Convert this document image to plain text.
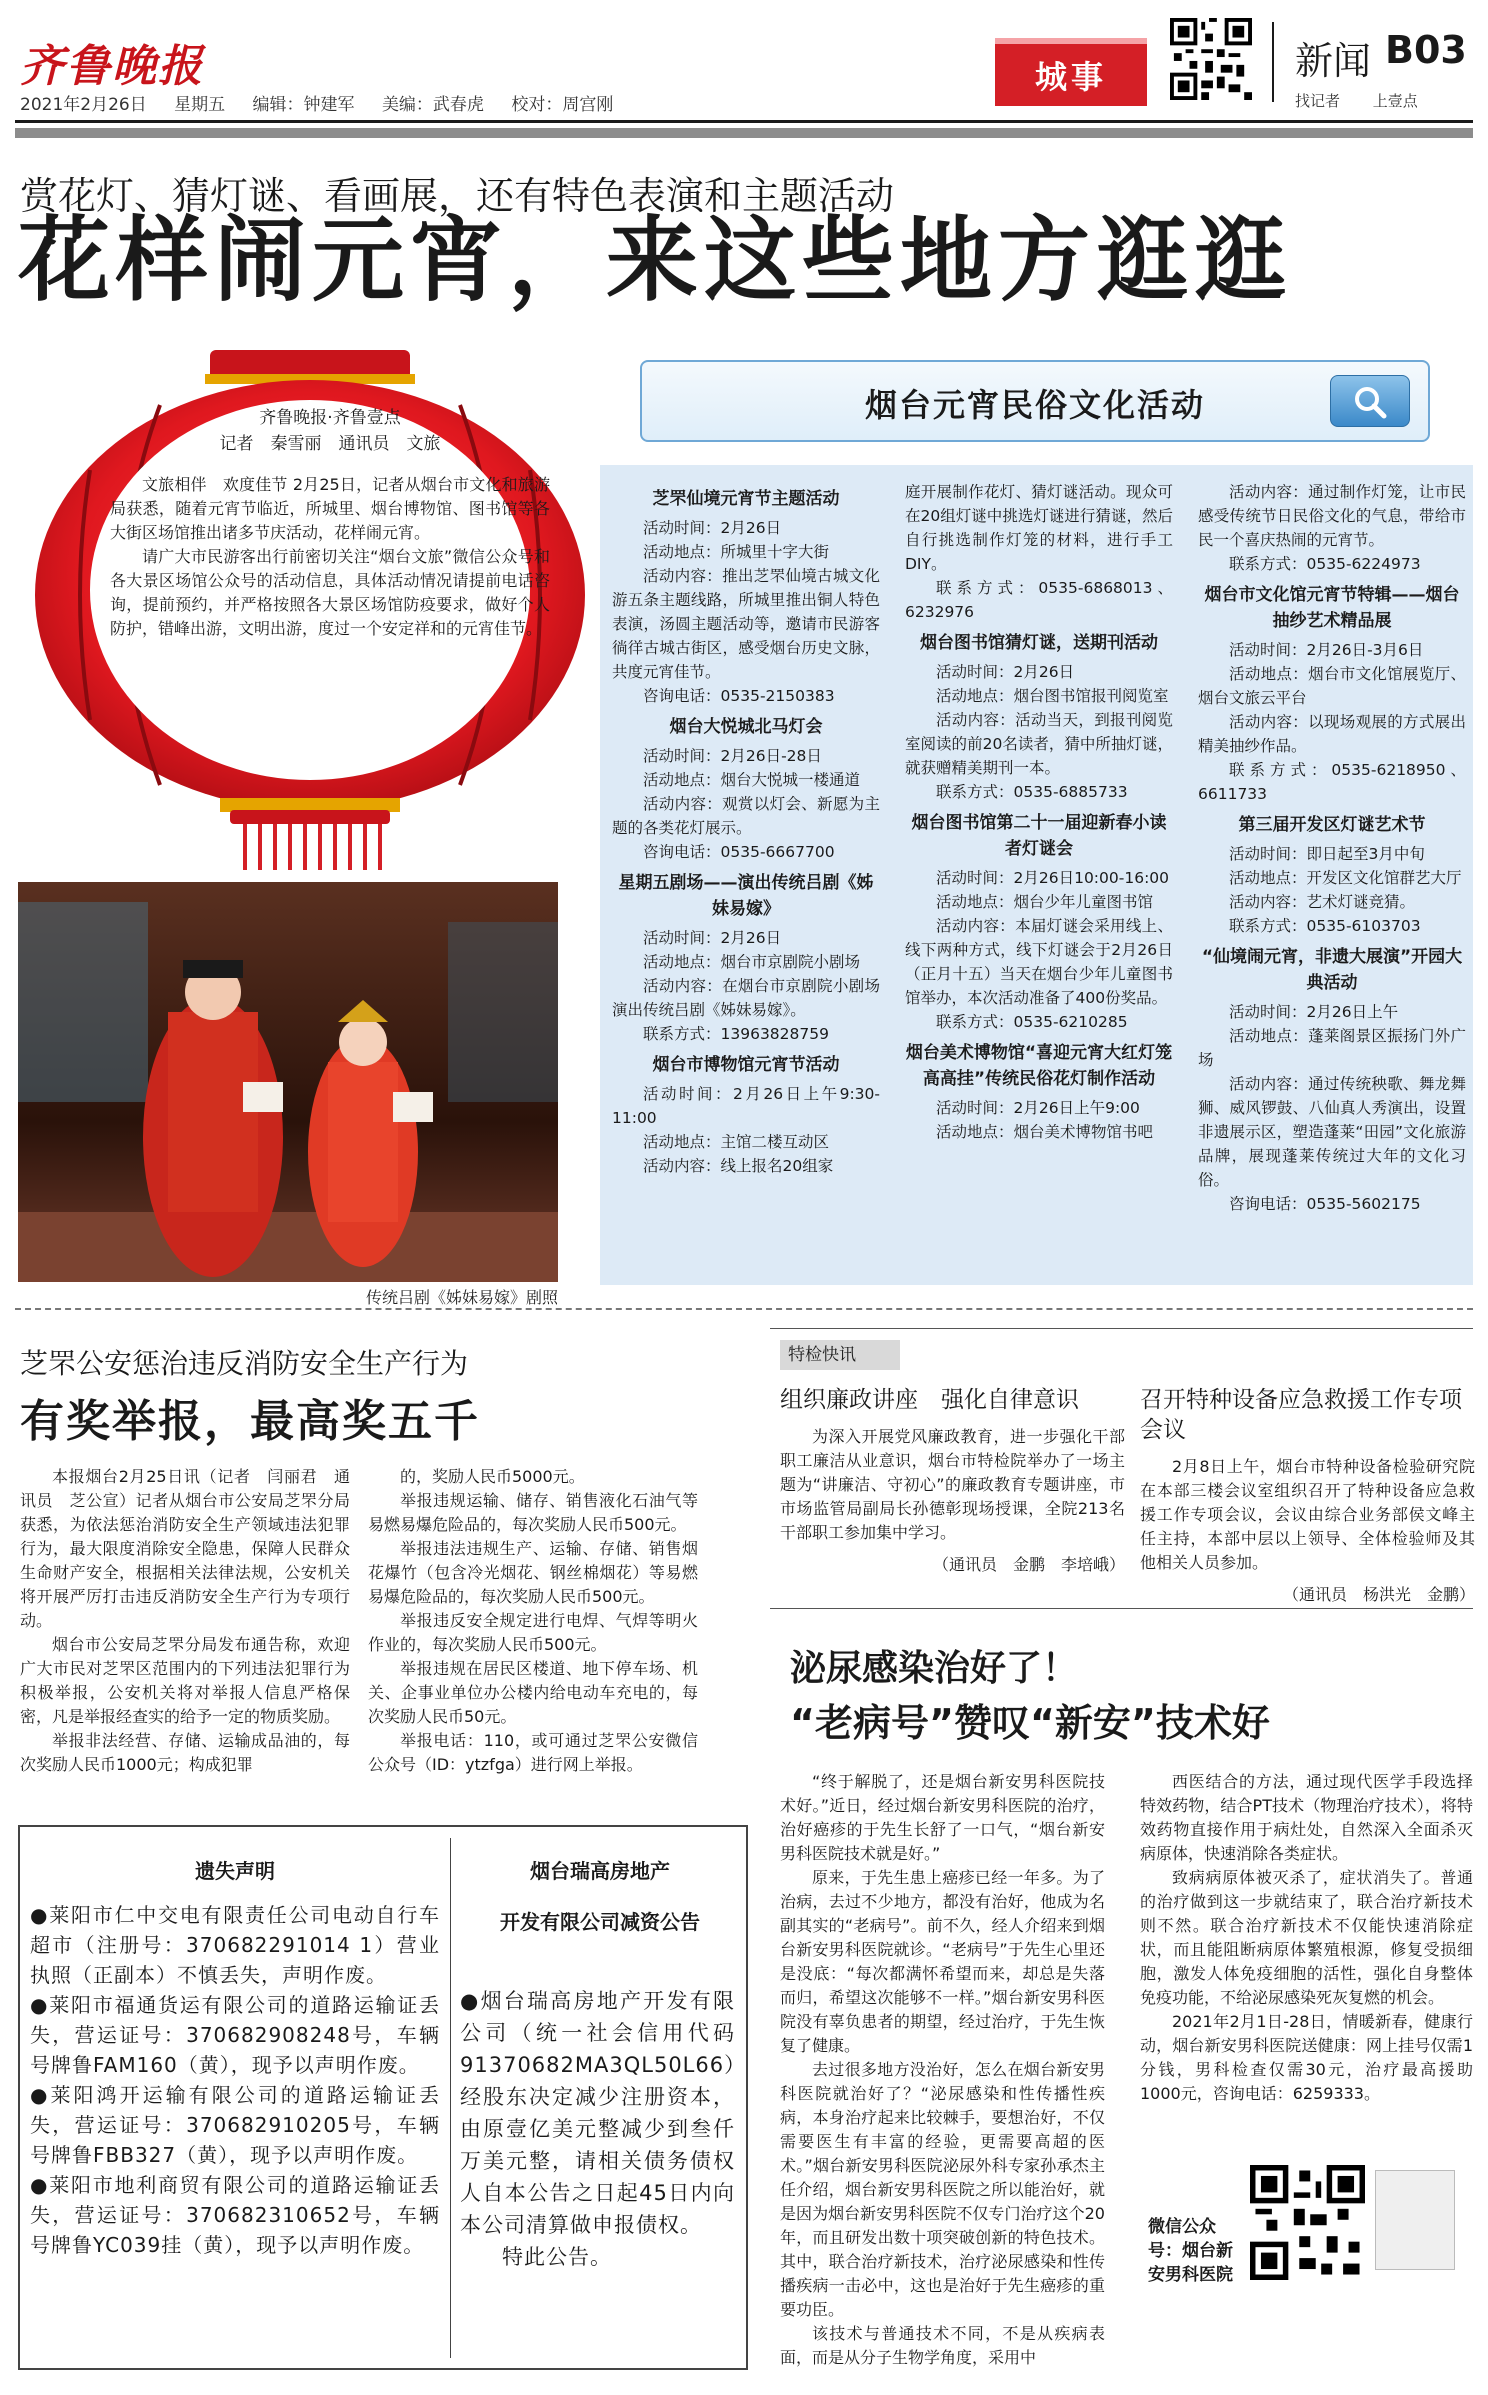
齐鲁晚报
2021年2月26日 星期五 编辑：钟建军 美编：武春虎 校对：周宫刚
城事	新闻 B03
找记者 上壹点
赏花灯、猜灯谜、看画展，还有特色表演和主题活动
花样闹元宵，来这些地方逛逛
齐鲁晚报·齐鲁壹点
记者　秦雪丽　通讯员　文旅

文旅相伴　欢度佳节 2月25日，记者从烟台市文化和旅游局获悉，随着元宵节临近，所城里、烟台博物馆、图书馆等各大街区场馆推出诸多节庆活动，花样闹元宵。

请广大市民游客出行前密切关注“烟台文旅”微信公众号和各大景区场馆公众号的活动信息，具体活动情况请提前电话咨询，提前预约，并严格按照各大景区场馆防疫要求，做好个人防护，错峰出游，文明出游，度过一个安定祥和的元宵佳节。

烟台元宵民俗文化活动
芝罘仙境元宵节主题活动

活动时间：2月26日

活动地点：所城里十字大街

活动内容：推出芝罘仙境古城文化游五条主题线路，所城里推出铜人特色表演，汤圆主题活动等，邀请市民游客徜徉古城古街区，感受烟台历史文脉，共度元宵佳节。

咨询电话：0535-2150383

烟台大悦城北马灯会

活动时间：2月26日-28日

活动地点：烟台大悦城一楼通道

活动内容：观赏以灯会、新愿为主题的各类花灯展示。

咨询电话：0535-6667700

星期五剧场——演出传统吕剧《姊妹易嫁》

活动时间：2月26日

活动地点：烟台市京剧院小剧场

活动内容：在烟台市京剧院小剧场演出传统吕剧《姊妹易嫁》。

联系方式：13963828759

烟台市博物馆元宵节活动

活动时间：2月26日上午9:30-11:00

活动地点：主馆二楼互动区

活动内容：线上报名20组家

庭开展制作花灯、猜灯谜活动。现众可在20组灯谜中挑选灯谜进行猜谜，然后自行挑选制作灯笼的材料，进行手工DIY。

联系方式：0535-6868013、6232976

烟台图书馆猜灯谜，送期刊活动

活动时间：2月26日

活动地点：烟台图书馆报刊阅览室

活动内容：活动当天，到报刊阅览室阅读的前20名读者，猜中所抽灯谜，就获赠精美期刊一本。

联系方式：0535-6885733

烟台图书馆第二十一届迎新春小读者灯谜会

活动时间：2月26日10:00-16:00

活动地点：烟台少年儿童图书馆

活动内容：本届灯谜会采用线上、线下两种方式，线下灯谜会于2月26日（正月十五）当天在烟台少年儿童图书馆举办，本次活动准备了400份奖品。

联系方式：0535-6210285

烟台美术博物馆“喜迎元宵大红灯笼高高挂”传统民俗花灯制作活动

活动时间：2月26日上午9:00

活动地点：烟台美术博物馆书吧

活动内容：通过制作灯笼，让市民感受传统节日民俗文化的气息，带给市民一个喜庆热闹的元宵节。

联系方式：0535-6224973

烟台市文化馆元宵节特辑——烟台抽纱艺术精品展

活动时间：2月26日-3月6日

活动地点：烟台市文化馆展览厅、烟台文旅云平台

活动内容：以现场观展的方式展出精美抽纱作品。

联系方式：0535-6218950、6611733

第三届开发区灯谜艺术节

活动时间：即日起至3月中旬

活动地点：开发区文化馆群艺大厅

活动内容：艺术灯谜竞猜。

联系方式：0535-6103703

“仙境闹元宵，非遗大展演”开园大典活动

活动时间：2月26日上午

活动地点：蓬莱阁景区振扬门外广场

活动内容：通过传统秧歌、舞龙舞狮、威风锣鼓、八仙真人秀演出，设置非遗展示区，塑造蓬莱“田园”文化旅游品牌，展现蓬莱传统过大年的文化习俗。

咨询电话：0535-5602175

传统吕剧《姊妹易嫁》剧照
芝罘公安惩治违反消防安全生产行为
有奖举报，最高奖五千

本报烟台2月25日讯（记者　闫丽君　通讯员　芝公宣）记者从烟台市公安局芝罘分局获悉，为依法惩治消防安全生产领域违法犯罪行为，最大限度消除安全隐患，保障人民群众生命财产安全，根据相关法律法规，公安机关将开展严厉打击违反消防安全生产行为专项行动。

烟台市公安局芝罘分局发布通告称，欢迎广大市民对芝罘区范围内的下列违法犯罪行为积极举报，公安机关将对举报人信息严格保密，凡是举报经查实的给予一定的物质奖励。

举报非法经营、存储、运输成品油的，每次奖励人民币1000元；构成犯罪

的，奖励人民币5000元。

举报违规运输、储存、销售液化石油气等易燃易爆危险品的，每次奖励人民币500元。

举报违法违规生产、运输、存储、销售烟花爆竹（包含冷光烟花、钢丝棉烟花）等易燃易爆危险品的，每次奖励人民币500元。

举报违反安全规定进行电焊、气焊等明火作业的，每次奖励人民币500元。

举报违规在居民区楼道、地下停车场、机关、企事业单位办公楼内给电动车充电的，每次奖励人民币50元。

举报电话：110，或可通过芝罘公安微信公众号（ID：ytzfga）进行网上举报。

特检快讯
组织廉政讲座　强化自律意识

为深入开展党风廉政教育，进一步强化干部职工廉洁从业意识，烟台市特检院举办了一场主题为“讲廉洁、守初心”的廉政教育专题讲座，市市场监管局副局长孙德彰现场授课，全院213名干部职工参加集中学习。

（通讯员　金鹏　李培峨）

召开特种设备应急救援工作专项会议

2月8日上午，烟台市特种设备检验研究院在本部三楼会议室组织召开了特种设备应急救援工作专项会议，会议由综合业务部侯文峰主任主持，本部中层以上领导、全体检验师及其他相关人员参加。

（通讯员　杨洪光　金鹏）

泌尿感染治好了！
“老病号”赞叹“新安”技术好

“终于解脱了，还是烟台新安男科医院技术好。”近日，经过烟台新安男科医院的治疗，治好癌疹的于先生长舒了一口气，“烟台新安男科医院技术就是好。”

原来，于先生患上癌疹已经一年多。为了治病，去过不少地方，都没有治好，他成为名副其实的“老病号”。前不久，经人介绍来到烟台新安男科医院就诊。“老病号”于先生心里还是没底：“每次都满怀希望而来，却总是失落而归，希望这次能够不一样。”烟台新安男科医院没有辜负患者的期望，经过治疗，于先生恢复了健康。

去过很多地方没治好，怎么在烟台新安男科医院就治好了？“泌尿感染和性传播性疾病，本身治疗起来比较棘手，要想治好，不仅需要医生有丰富的经验，更需要高超的医术。”烟台新安男科医院泌尿外科专家孙承杰主任介绍，烟台新安男科医院之所以能治好，就是因为烟台新安男科医院不仅专门治疗这个20年，而且研发出数十项突破创新的特色技术。其中，联合治疗新技术，治疗泌尿感染和性传播疾病一击必中，这也是治好于先生癌疹的重要功臣。

该技术与普通技术不同，不是从疾病表面，而是从分子生物学角度，采用中

西医结合的方法，通过现代医学手段选择特效药物，结合PT技术（物理治疗技术），将特效药物直接作用于病灶处，自然深入全面杀灭病原体，快速消除各类症状。

致病病原体被灭杀了，症状消失了。普通的治疗做到这一步就结束了，联合治疗新技术则不然。联合治疗新技术不仅能快速消除症状，而且能阻断病原体繁殖根源，修复受损细胞，激发人体免疫细胞的活性，强化自身整体免疫功能，不给泌尿感染死灰复燃的机会。

2021年2月1日-28日，情暖新春，健康行动，烟台新安男科医院送健康：网上挂号仅需1分钱，男科检查仅需30元，治疗最高援助1000元，咨询电话：6259333。

微信公众号：烟台新安男科医院
遗失声明

●莱阳市仁中交电有限责任公司电动自行车超市（注册号：370682291014 1）营业执照（正副本）不慎丢失，声明作废。

●莱阳市福通货运有限公司的道路运输证丢失，营运证号：370682908248号，车辆号牌鲁FAM160（黄），现予以声明作废。

●莱阳鸿开运输有限公司的道路运输证丢失，营运证号：370682910205号，车辆号牌鲁FBB327（黄），现予以声明作废。

●莱阳市地利商贸有限公司的道路运输证丢失，营运证号：370682310652号，车辆号牌鲁YC039挂（黄），现予以声明作废。

烟台瑞高房地产
开发有限公司减资公告

●烟台瑞高房地产开发有限公司（统一社会信用代码91370682MA3QL50L66）经股东决定减少注册资本，由原壹亿美元整减少到叁仟万美元整，请相关债务债权人自本公告之日起45日内向本公司清算做申报债权。

特此公告。
